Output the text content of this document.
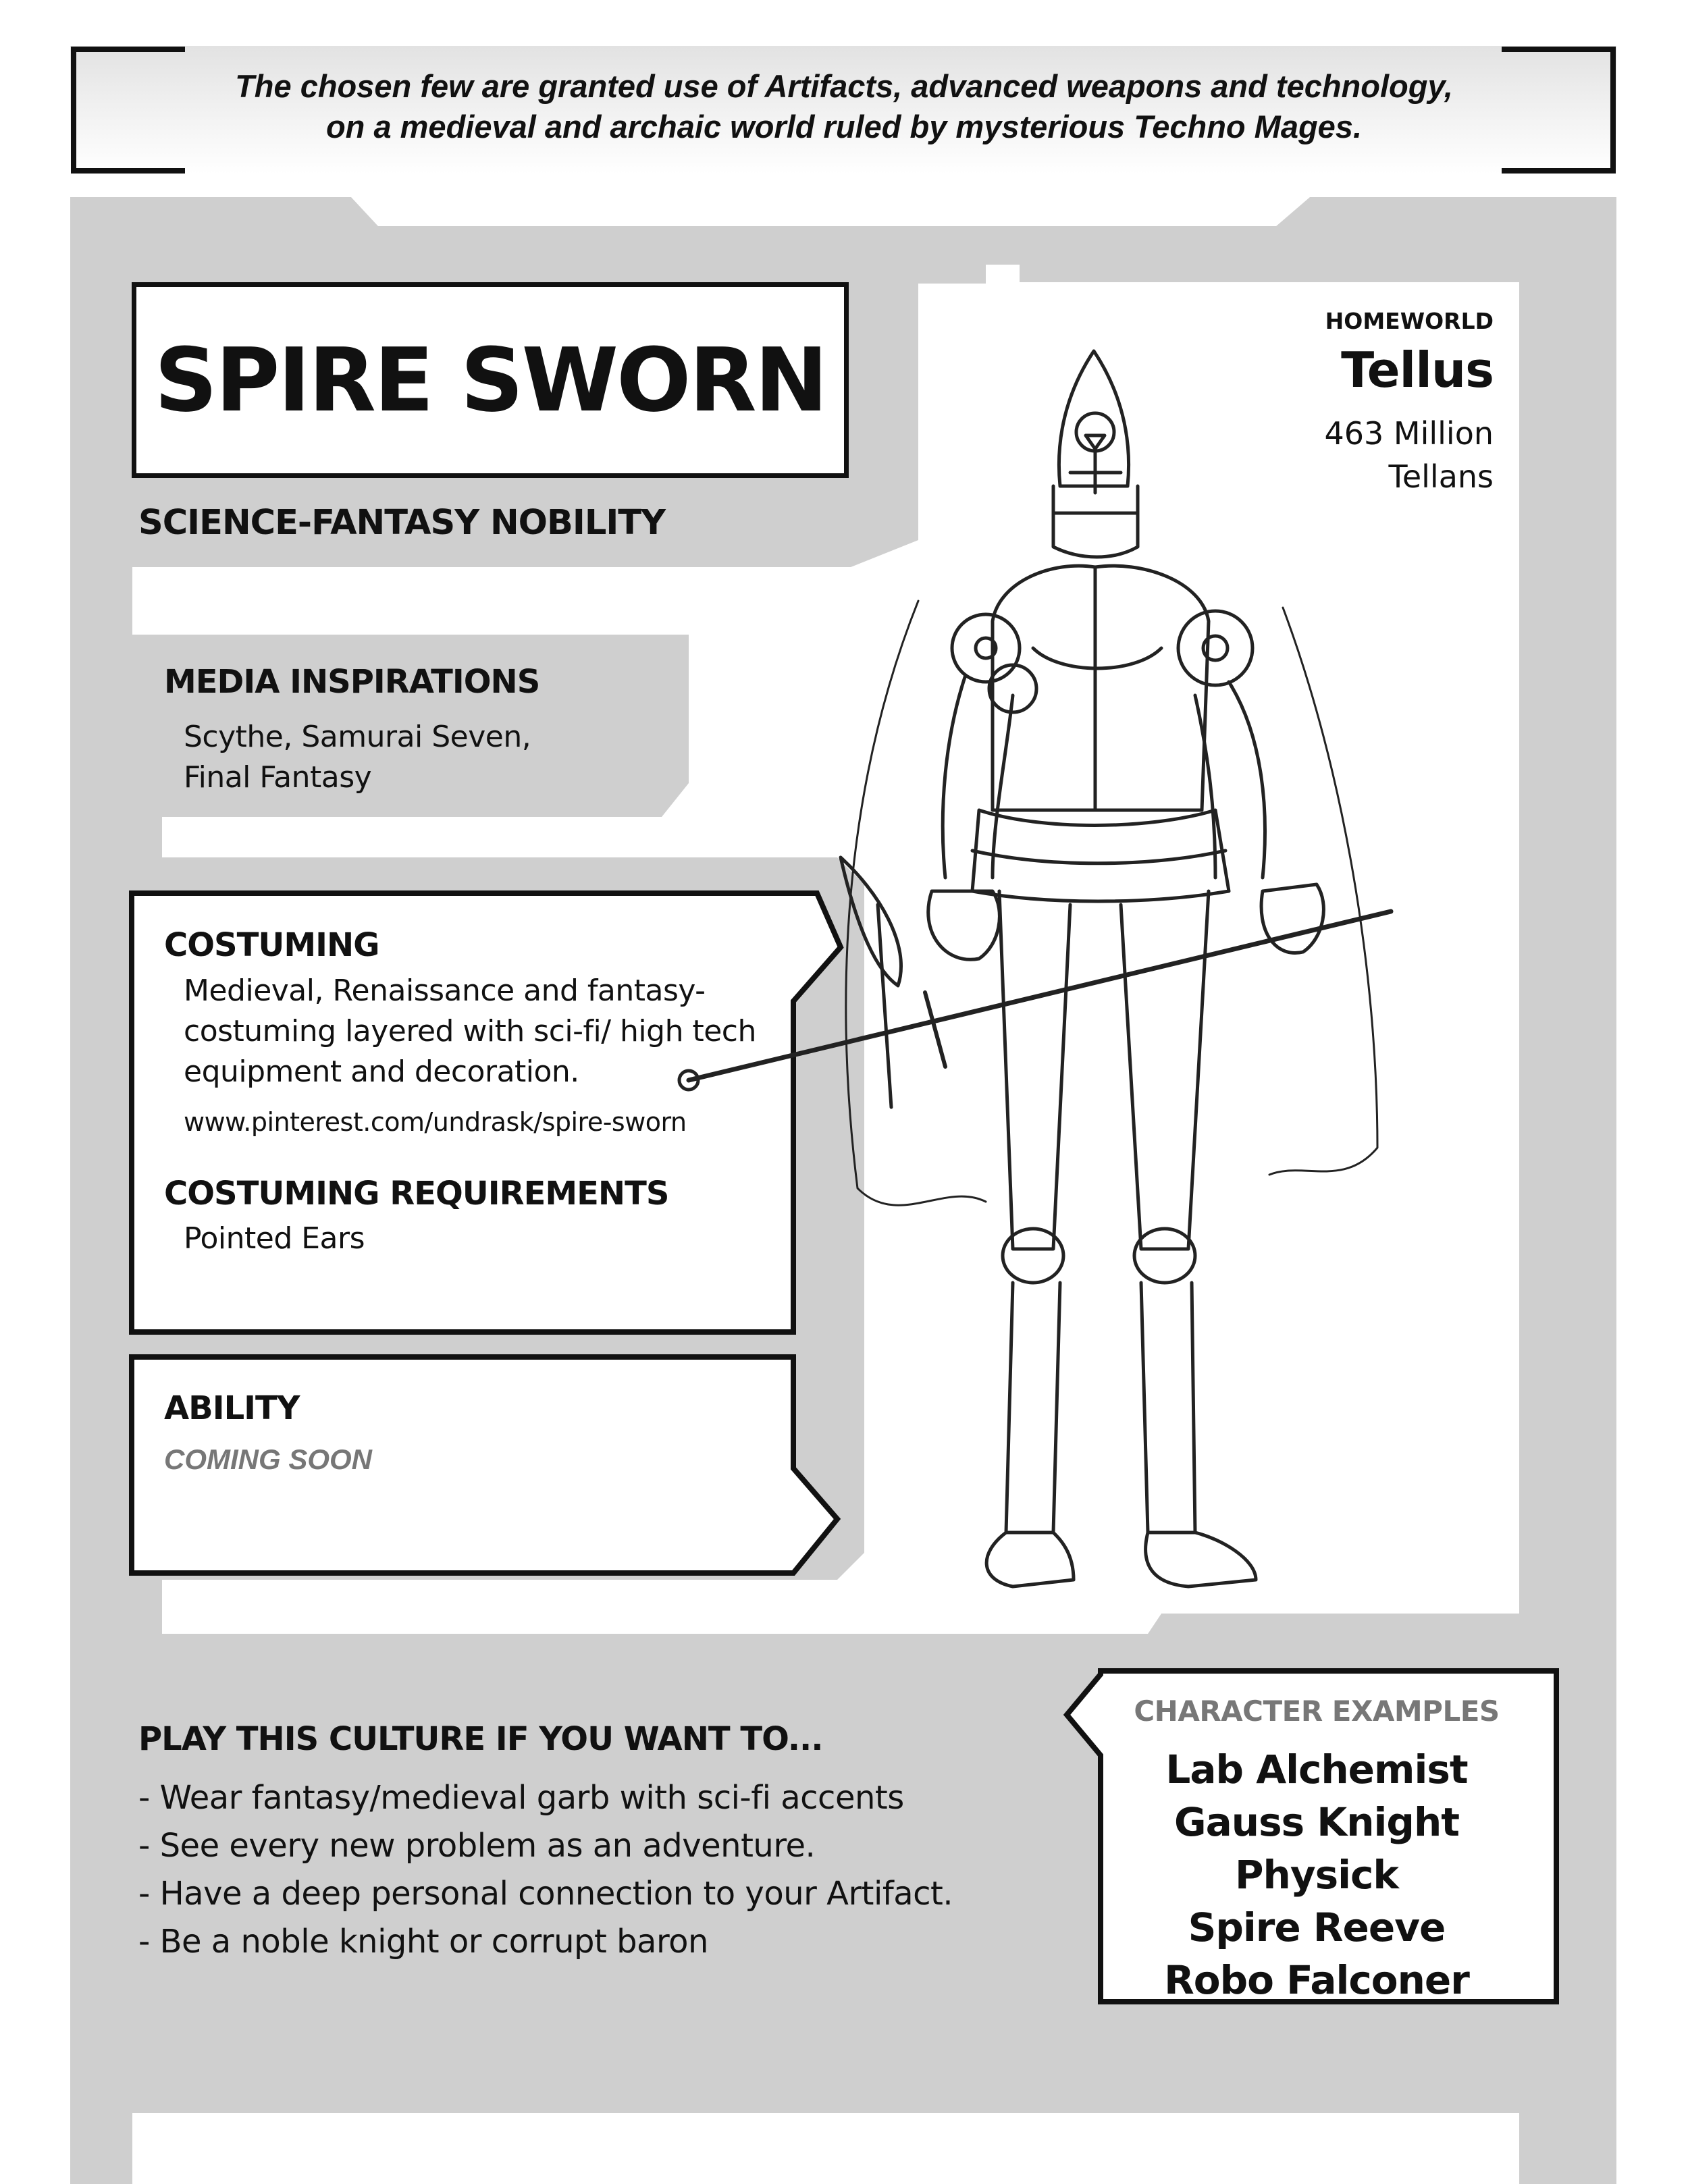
The chosen few are granted use of Artifacts, advanced weapons and technology,
on a medieval and archaic world ruled by mysterious Techno Mages.
SPIRE SWORN
SCIENCE-FANTASY NOBILITY
HOMEWORLD
Tellus
463 Million
Tellans
MEDIA INSPIRATIONS
Scythe, Samurai Seven,
Final Fantasy
COSTUMING
Medieval, Renaissance and fantasy-
costuming layered with sci-fi/ high tech
equipment and decoration.
www.pinterest.com/undrask/spire-sworn
COSTUMING REQUIREMENTS
Pointed Ears
ABILITY
COMING SOON
PLAY THIS CULTURE IF YOU WANT TO...
- Wear fantasy/medieval garb with sci-fi accents
- See every new problem as an adventure.
- Have a deep personal connection to your Artifact.
- Be a noble knight or corrupt baron
CHARACTER EXAMPLES
Lab Alchemist
Gauss Knight
Physick
Spire Reeve
Robo Falconer
